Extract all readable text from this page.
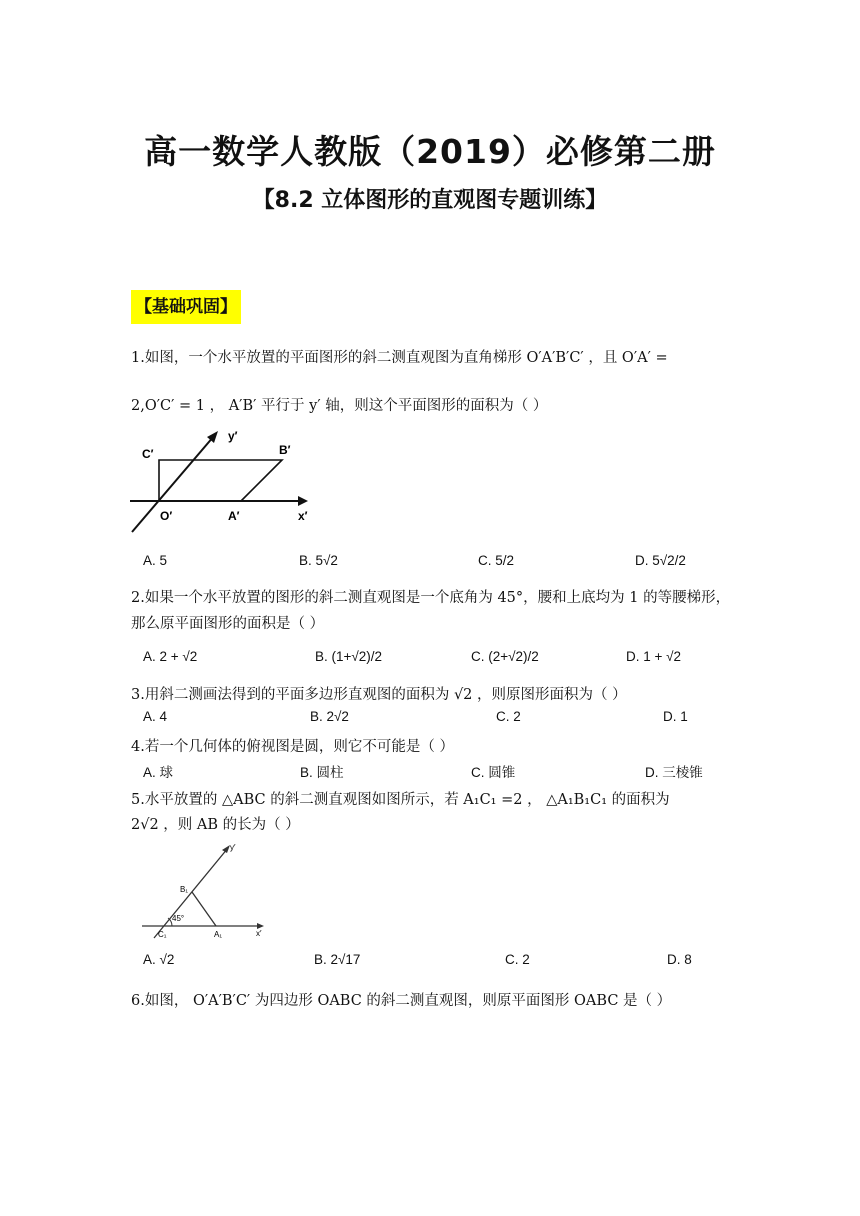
高一数学人教版（2019）必修第二册
【8.2 立体图形的直观图专题训练】
【基础巩固】
1.如图，一个水平放置的平面图形的斜二测直观图为直角梯形 O′A′B′C′ ，且 O′A′ =
2,O′C′ = 1 ， A′B′ 平行于 y′ 轴，则这个平面图形的面积为（ ）
C′
y′
B′
O′	A′	x′
A. 5	B. 5√2	C. 5/2	D. 5√2/2
2.如果一个水平放置的图形的斜二测直观图是一个底角为 45°，腰和上底均为 1 的等腰梯形，
那么原平面图形的面积是（ ）
A. 2 + √2	B. (1+√2)/2	C. (2+√2)/2	D. 1 + √2
3.用斜二测画法得到的平面多边形直观图的面积为 √2 ，则原图形面积为（ ）
A. 4	B. 2√2	C. 2	D. 1
4.若一个几何体的俯视图是圆，则它不可能是（ ）
A. 球	B. 圆柱	C. 圆锥	D. 三棱锥
5.水平放置的 △ABC 的斜二测直观图如图所示，若 A₁C₁ =2 ， △A₁B₁C₁ 的面积为
2√2 ，则 AB 的长为（ ）
y′
B₁
45°
C₁	A₁	x′
A. √2	B. 2√17	C. 2	D. 8
6.如图， O′A′B′C′ 为四边形 OABC 的斜二测直观图，则原平面图形 OABC 是（ ）
